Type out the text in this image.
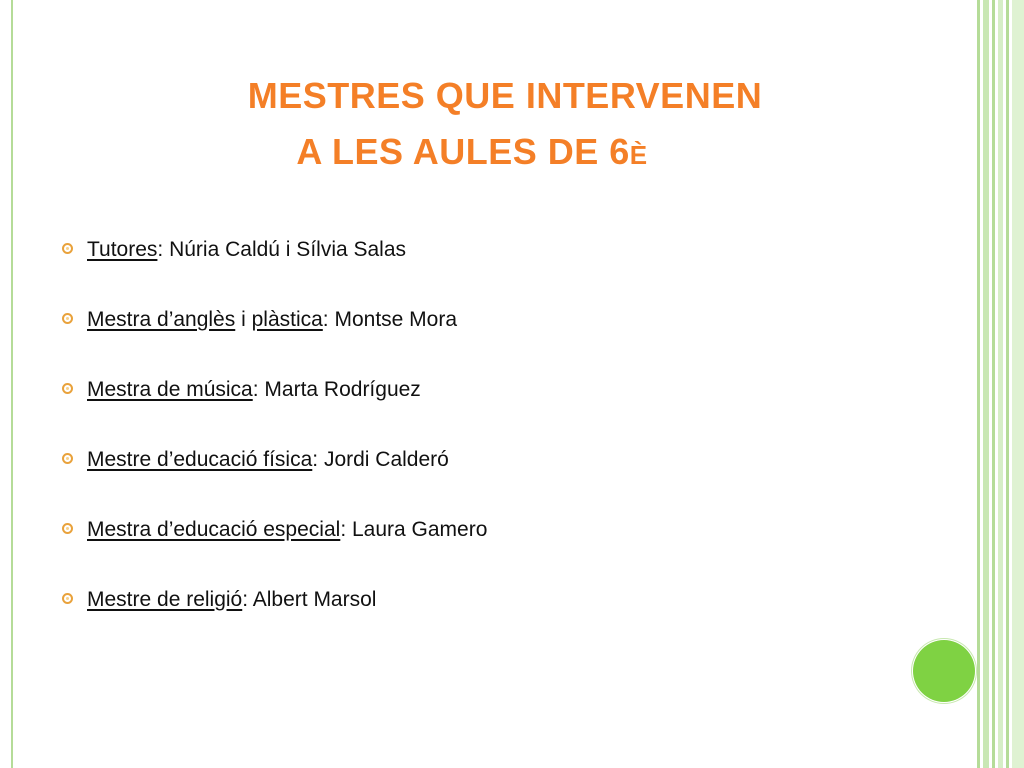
MESTRES QUE INTERVENEN
A LES AULES DE 6È
Tutores: Núria Caldú i Sílvia Salas
Mestra d’anglès i plàstica: Montse Mora
Mestra de música: Marta Rodríguez
Mestre d’educació física: Jordi Calderó
Mestra d’educació especial: Laura Gamero
Mestre de religió: Albert Marsol
